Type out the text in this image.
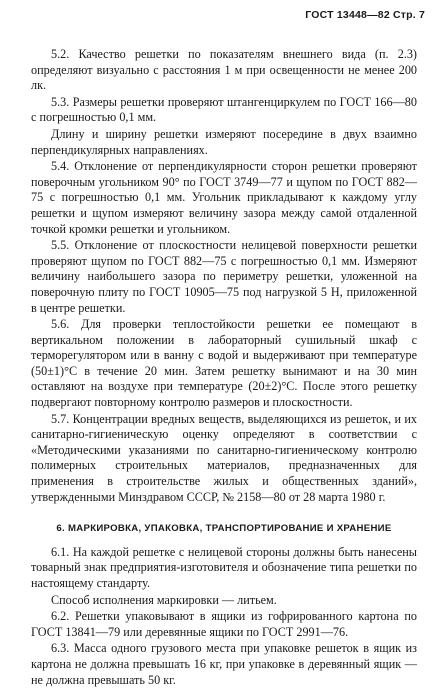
ГОСТ 13448—82 Стр. 7

5.2. Качество решетки по показателям внешнего вида (п. 2.3) определяют визуально с расстояния 1 м при освещенности не менее 200 лк.

5.3. Размеры решетки проверяют штангенциркулем по ГОСТ 166—80 с погрешностью 0,1 мм.

Длину и ширину решетки измеряют посередине в двух взаимно перпендикулярных направлениях.

5.4. Отклонение от перпендикулярности сторон решетки проверяют поверочным угольником 90° по ГОСТ 3749—77 и щупом по ГОСТ 882—75 с погрешностью 0,1 мм. Угольник прикладывают к каждому углу решетки и щупом измеряют величину зазора между самой отдаленной точкой кромки решетки и угольником.

5.5. Отклонение от плоскостности нелицевой поверхности решетки проверяют щупом по ГОСТ 882—75 с погрешностью 0,1 мм. Измеряют величину наибольшего зазора по периметру решетки, уложенной на поверочную плиту по ГОСТ 10905—75 под нагрузкой 5 Н, приложенной в центре решетки.

5.6. Для проверки теплостойкости решетки ее помещают в вертикальном положении в лабораторный сушильный шкаф с терморегулятором или в ванну с водой и выдерживают при температуре (50±1)°С в течение 20 мин. Затем решетку вынимают и на 30 мин оставляют на воздухе при температуре (20±2)°С. После этого решетку подвергают повторному контролю размеров и плоскостности.

5.7. Концентрации вредных веществ, выделяющихся из решеток, и их санитарно-гигиеническую оценку определяют в соответствии с «Методическими указаниями по санитарно-гигиеническому контролю полимерных строительных материалов, предназначенных для применения в строительстве жилых и общественных зданий», утвержденными Минздравом СССР, № 2158—80 от 28 марта 1980 г.

6. МАРКИРОВКА, УПАКОВКА, ТРАНСПОРТИРОВАНИЕ И ХРАНЕНИЕ

6.1. На каждой решетке с нелицевой стороны должны быть нанесены товарный знак предприятия-изготовителя и обозначение типа решетки по настоящему стандарту.

Способ исполнения маркировки — литьем.

6.2. Решетки упаковывают в ящики из гофрированного картона по ГОСТ 13841—79 или деревянные ящики по ГОСТ 2991—76.

6.3. Масса одного грузового места при упаковке решеток в ящик из картона не должна превышать 16 кг, при упаковке в деревянный ящик — не должна превышать 50 кг.
